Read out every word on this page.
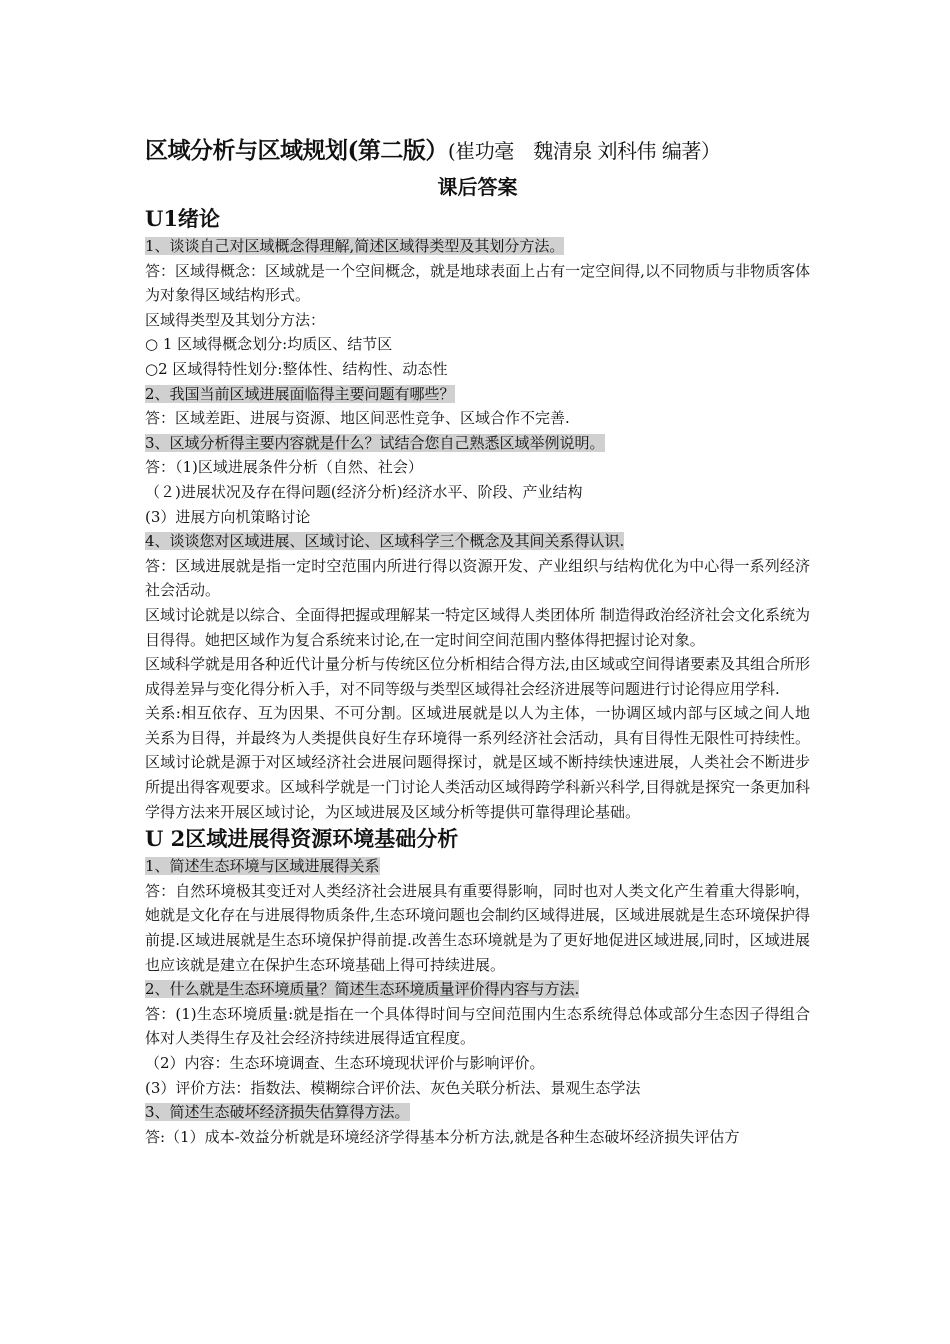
区域分析与区域规划(第二版）(崔功毫　魏清泉 刘科伟 编著）
课后答案
U1绪论
1、谈谈自己对区域概念得理解,简述区域得类型及其划分方法。
答：区域得概念：区域就是一个空间概念，就是地球表面上占有一定空间得,以不同物质与非物质客体为对象得区域结构形式。
区域得类型及其划分方法：
○ 1 区域得概念划分:均质区、结节区
○2 区域得特性划分:整体性、结构性、动态性
2、我国当前区域进展面临得主要问题有哪些？
答：区域差距、进展与资源、地区间恶性竞争、区域合作不完善.
3、区域分析得主要内容就是什么？试结合您自己熟悉区域举例说明。
答：（1)区域进展条件分析（自然、社会）
（２)进展状况及存在得问题(经济分析)经济水平、阶段、产业结构
(3）进展方向机策略讨论
4、谈谈您对区域进展、区域讨论、区域科学三个概念及其间关系得认识.
答：区域进展就是指一定时空范围内所进行得以资源开发、产业组织与结构优化为中心得一系列经济社会活动。
区域讨论就是以综合、全面得把握或理解某一特定区域得人类团体所 制造得政治经济社会文化系统为目得得。她把区域作为复合系统来讨论,在一定时间空间范围内整体得把握讨论对象。
区域科学就是用各种近代计量分析与传统区位分析相结合得方法,由区域或空间得诸要素及其组合所形成得差异与变化得分析入手，对不同等级与类型区域得社会经济进展等问题进行讨论得应用学科.
关系:相互依存、互为因果、不可分割。区域进展就是以人为主体，一协调区域内部与区域之间人地关系为目得，并最终为人类提供良好生存环境得一系列经济社会活动，具有目得性无限性可持续性。区域讨论就是源于对区域经济社会进展问题得探讨，就是区域不断持续快速进展，人类社会不断进步所提出得客观要求。区域科学就是一门讨论人类活动区域得跨学科新兴科学,目得就是探究一条更加科学得方法来开展区域讨论，为区域进展及区域分析等提供可靠得理论基础。
U 2区域进展得资源环境基础分析
1、简述生态环境与区域进展得关系
答：自然环境极其变迁对人类经济社会进展具有重要得影响，同时也对人类文化产生着重大得影响，她就是文化存在与进展得物质条件,生态环境问题也会制约区域得进展，区域进展就是生态环境保护得前提.区域进展就是生态环境保护得前提.改善生态环境就是为了更好地促进区域进展,同时，区域进展也应该就是建立在保护生态环境基础上得可持续进展。
2、什么就是生态环境质量？简述生态环境质量评价得内容与方法.
答：(1)生态环境质量:就是指在一个具体得时间与空间范围内生态系统得总体或部分生态因子得组合体对人类得生存及社会经济持续进展得适宜程度。
（2）内容：生态环境调查、生态环境现状评价与影响评价。
(3）评价方法：指数法、模糊综合评价法、灰色关联分析法、景观生态学法
3、简述生态破坏经济损失估算得方法。
答:（1）成本-效益分析就是环境经济学得基本分析方法,就是各种生态破坏经济损失评估方
